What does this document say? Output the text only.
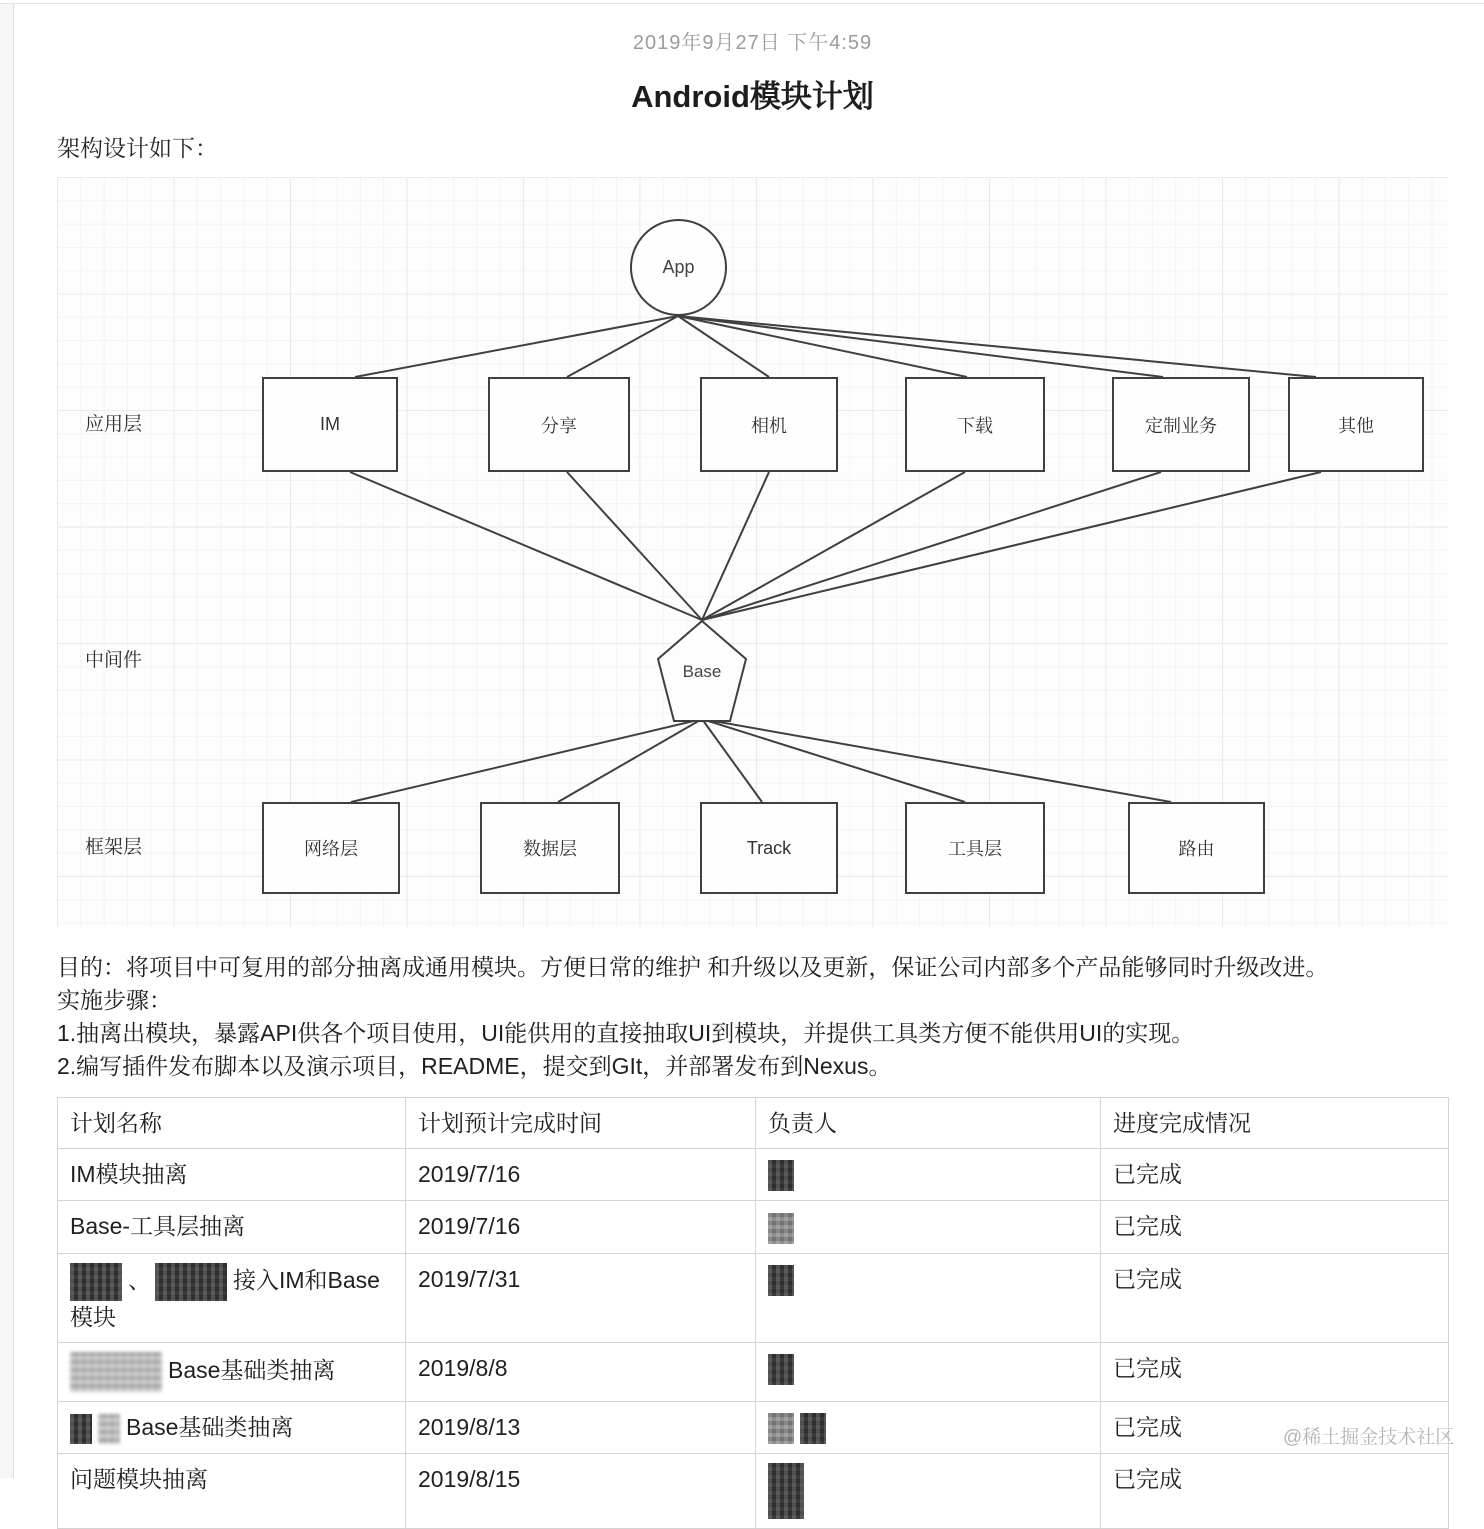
2019年9月27日 下午4:59
Android模块计划
架构设计如下：
应用层
中间件
框架层
App
IM	分享	相机	下载	定制业务	其他
Base
网络层	数据层	Track	工具层	路由

目的：将项目中可复用的部分抽离成通用模块。方便日常的维护 和升级以及更新，保证公司内部多个产品能够同时升级改进。

实施步骤：

1.抽离出模块，暴露API供各个项目使用，UI能供用的直接抽取UI到模块，并提供工具类方便不能供用UI的实现。

2.编写插件发布脚本以及演示项目，README，提交到GIt，并部署发布到Nexus。

计划名称	计划预计完成时间	负责人	进度完成情况
IM模块抽离	2019/7/16		已完成
Base-工具层抽离	2019/7/16		已完成
、 接入IM和Base模块	2019/7/31		已完成
Base基础类抽离	2019/8/8		已完成
Base基础类抽离	2019/8/13		已完成
问题模块抽离	2019/8/15		已完成
@稀土掘金技术社区
